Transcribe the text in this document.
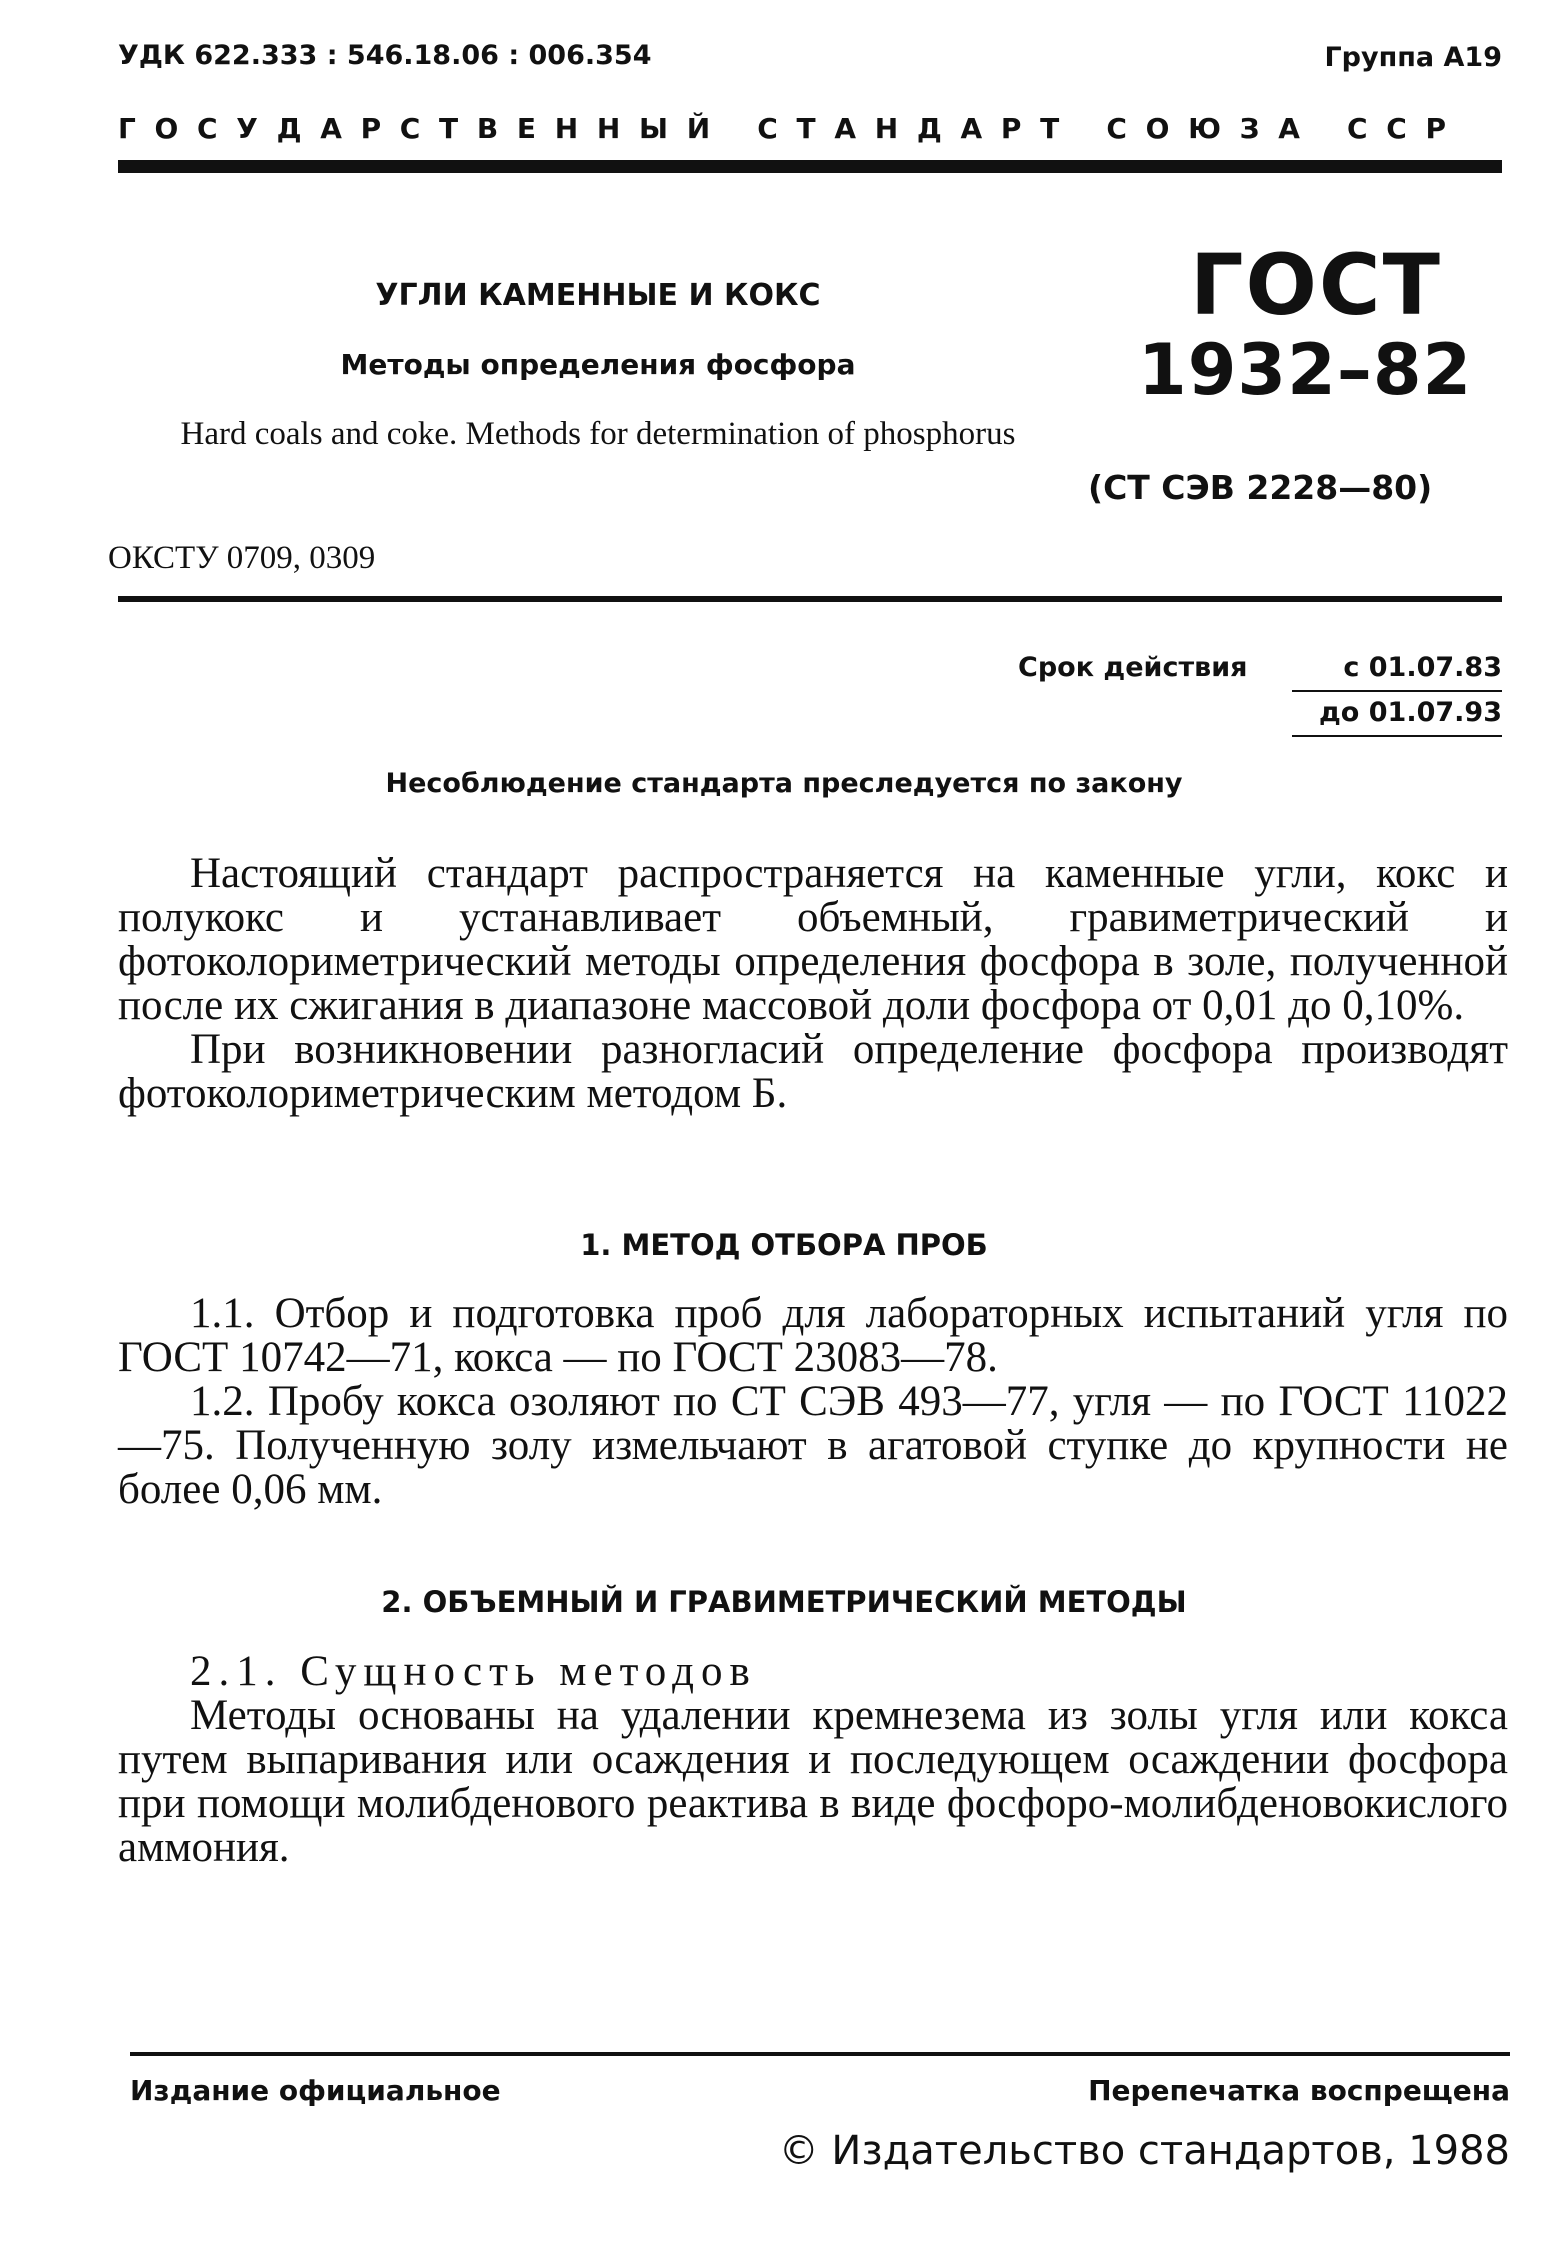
УДК 622.333 : 546.18.06 : 006.354	Группа А19
ГОСУДАРСТВЕННЫЙ СТАНДАРТ СОЮЗА ССР
УГЛИ КАМЕННЫЕ И КОКС
Методы определения фосфора
Hard coals and coke. Methods for determination of phosphorus
ОКСТУ 0709, 0309
ГОСТ
1932–82
(СТ СЭВ 2228—80)
Срок действия	с 01.07.83
до 01.07.93
Несоблюдение стандарта преследуется по закону

Настоящий стандарт распространяется на каменные угли, кокс и полукокс и устанавливает объемный, гравиметрический и фотоколориметрический методы определения фосфора в золе, полученной после их сжигания в диапазоне массовой доли фосфора от 0,01 до 0,10%.

При возникновении разногласий определение фосфора производят фотоколориметрическим методом Б.

1. МЕТОД ОТБОРА ПРОБ

1.1. Отбор и подготовка проб для лабораторных испытаний угля по ГОСТ 10742—71, кокса — по ГОСТ 23083—78.

1.2. Пробу кокса озоляют по СТ СЭВ 493—77, угля — по ГОСТ 11022—75. Полученную золу измельчают в агатовой ступке до крупности не более 0,06 мм.

2. ОБЪЕМНЫЙ И ГРАВИМЕТРИЧЕСКИЙ МЕТОДЫ

2.1. Сущность методов

Методы основаны на удалении кремнезема из золы угля или кокса путем выпаривания или осаждения и последующем осаждении фосфора при помощи молибденового реактива в виде фосфоро-молибденовокислого аммония.

Издание официальное	Перепечатка воспрещена
© Издательство стандартов, 1988
